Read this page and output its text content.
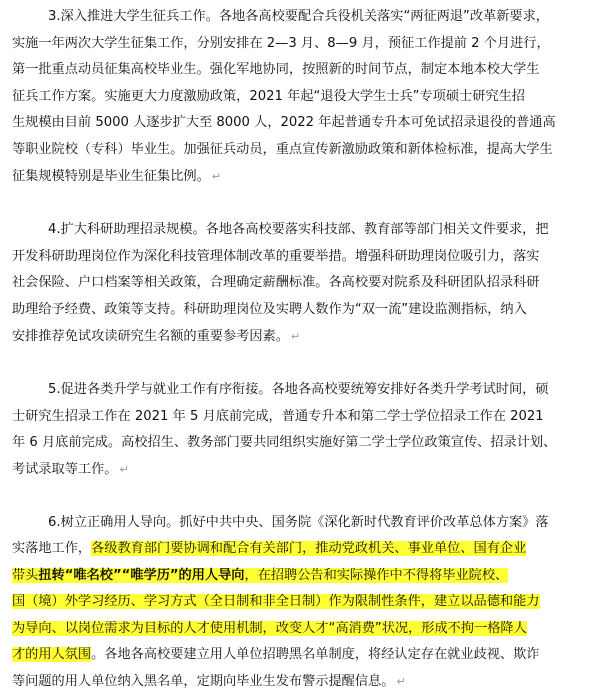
3.深入推进大学生征兵工作。各地各高校要配合兵役机关落实“两征两退”改革新要求，
实施一年两次大学生征集工作，分别安排在 2—3 月、8—9 月，预征工作提前 2 个月进行，
第一批重点动员征集高校毕业生。强化军地协同，按照新的时间节点，制定本地本校大学生
征兵工作方案。实施更大力度激励政策，2021 年起“退役大学生士兵”专项硕士研究生招
生规模由目前 5000 人逐步扩大至 8000 人，2022 年起普通专升本可免试招录退役的普通高
等职业院校（专科）毕业生。加强征兵动员，重点宣传新激励政策和新体检标准，提高大学生
征集规模特别是毕业生征集比例。 ↵

4.扩大科研助理招录规模。各地各高校要落实科技部、教育部等部门相关文件要求，把
开发科研助理岗位作为深化科技管理体制改革的重要举措。增强科研助理岗位吸引力，落实
社会保险、户口档案等相关政策，合理确定薪酬标准。各高校要对院系及科研团队招录科研
助理给予经费、政策等支持。科研助理岗位及实聘人数作为“双一流”建设监测指标，纳入
安排推荐免试攻读研究生名额的重要参考因素。 ↵

5.促进各类升学与就业工作有序衔接。各地各高校要统筹安排好各类升学考试时间，硕
士研究生招录工作在 2021 年 5 月底前完成，普通专升本和第二学士学位招录工作在 2021
年 6 月底前完成。高校招生、教务部门要共同组织实施好第二学士学位政策宣传、招录计划、
考试录取等工作。 ↵

6.树立正确用人导向。抓好中共中央、国务院《深化新时代教育评价改革总体方案》落
实落地工作，各级教育部门要协调和配合有关部门，推动党政机关、事业单位、国有企业
带头扭转“唯名校”“唯学历”的用人导向，在招聘公告和实际操作中不得将毕业院校、
国（境）外学习经历、学习方式（全日制和非全日制）作为限制性条件，建立以品德和能力
为导向、以岗位需求为目标的人才使用机制，改变人才“高消费”状况，形成不拘一格降人
才的用人氛围。各地各高校要建立用人单位招聘黑名单制度，将经认定存在就业歧视、欺诈
等问题的用人单位纳入黑名单，定期向毕业生发布警示提醒信息。 ↵
